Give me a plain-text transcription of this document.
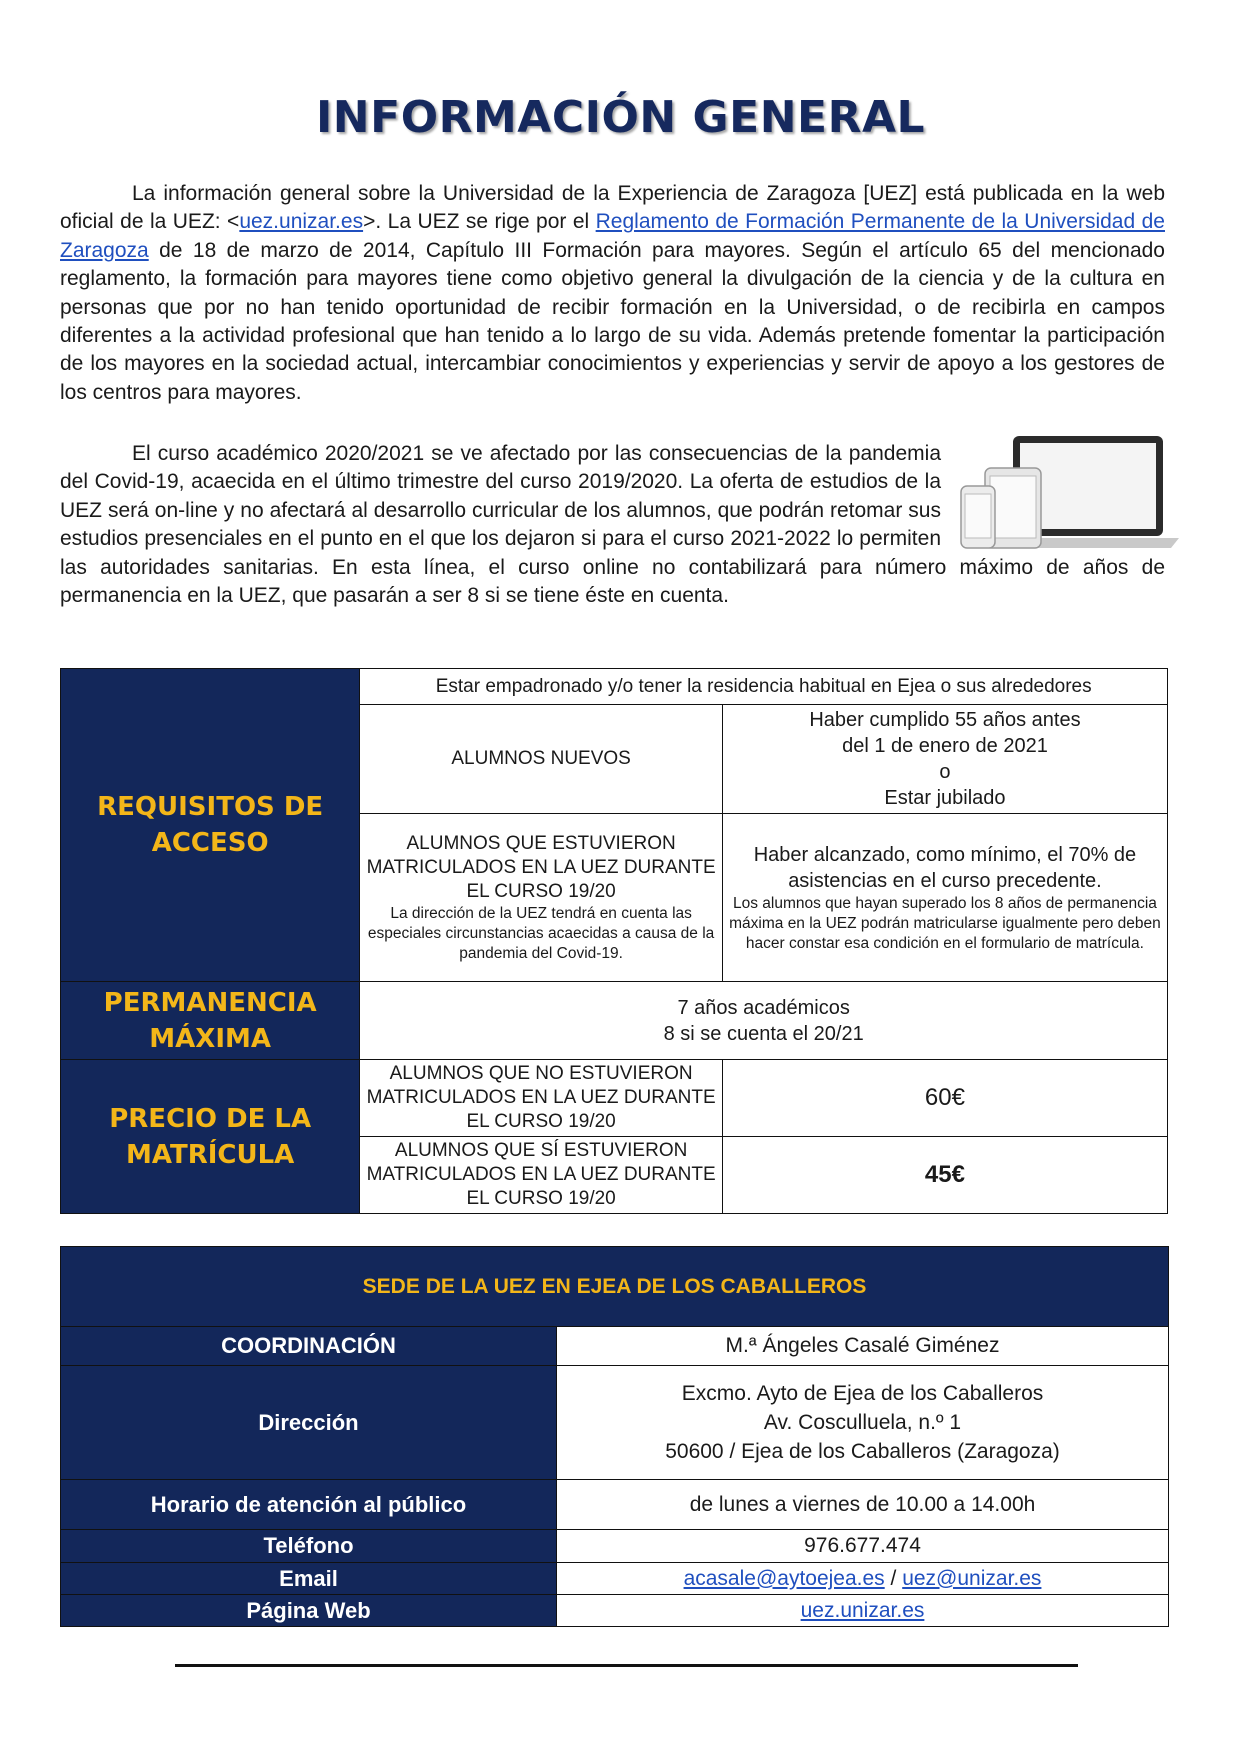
INFORMACIÓN GENERAL

La información general sobre la Universidad de la Experiencia de Zaragoza [UEZ] está publicada en la web oficial de la UEZ: <uez.unizar.es>. La UEZ se rige por el Reglamento de Formación Permanente de la Universidad de Zaragoza de 18 de marzo de 2014, Capítulo III Formación para mayores. Según el artículo 65 del mencionado reglamento, la formación para mayores tiene como objetivo general la divulgación de la ciencia y de la cultura en personas que por no han tenido oportunidad de recibir formación en la Universidad, o de recibirla en campos diferentes a la actividad profesional que han tenido a lo largo de su vida. Además pretende fomentar la participación de los mayores en la sociedad actual, intercambiar conocimientos y experiencias y servir de apoyo a los gestores de los centros para mayores.

El curso académico 2020/2021 se ve afectado por las consecuencias de la pandemia del Covid-19, acaecida en el último trimestre del curso 2019/2020. La oferta de estudios de la UEZ será on-line y no afectará al desarrollo curricular de los alumnos, que podrán retomar sus estudios presenciales en el punto en el que los dejaron si para el curso 2021-2022 lo permiten las autoridades sanitarias. En esta línea, el curso online no contabilizará para número máximo de años de permanencia en la UEZ, que pasarán a ser 8 si se tiene éste en cuenta.

REQUISITOS DE ACCESO	Estar empadronado y/o tener la residencia habitual en Ejea o sus alrededores	
	ALUMNOS NUEVOS	Haber cumplido 55 años antes
del 1 de enero de 2021
o
Estar jubilado

	ALUMNOS QUE ESTUVIERON MATRICULADOS EN LA UEZ DURANTE EL CURSO 19/20
La dirección de la UEZ tendrá en cuenta las especiales circunstancias acaecidas a causa de la pandemia del Covid-19.	Haber alcanzado, como mínimo, el 70% de asistencias en el curso precedente.
Los alumnos que hayan superado los 8 años de permanencia máxima en la UEZ podrán matricularse igualmente pero deben hacer constar esa condición en el formulario de matrícula.

PERMANENCIA MÁXIMA	7 años académicos
8 si se cuenta el 20/21	

PRECIO DE LA MATRÍCULA	ALUMNOS QUE NO ESTUVIERON MATRICULADOS EN LA UEZ DURANTE EL CURSO 19/20	60€
	ALUMNOS QUE SÍ ESTUVIERON MATRICULADOS EN LA UEZ DURANTE EL CURSO 19/20	45€
SEDE DE LA UEZ EN EJEA DE LOS CABALLEROS	
COORDINACIÓN	M.ª Ángeles Casalé Giménez
Dirección	Excmo. Ayto de Ejea de los Caballeros
Av. Cosculluela, n.º 1
50600 / Ejea de los Caballeros (Zaragoza)

Horario de atención al público	de lunes a viernes de 10.00 a 14.00h
Teléfono	976.677.474
Email	acasale@aytoejea.es / uez@unizar.es
Página Web	uez.unizar.es
